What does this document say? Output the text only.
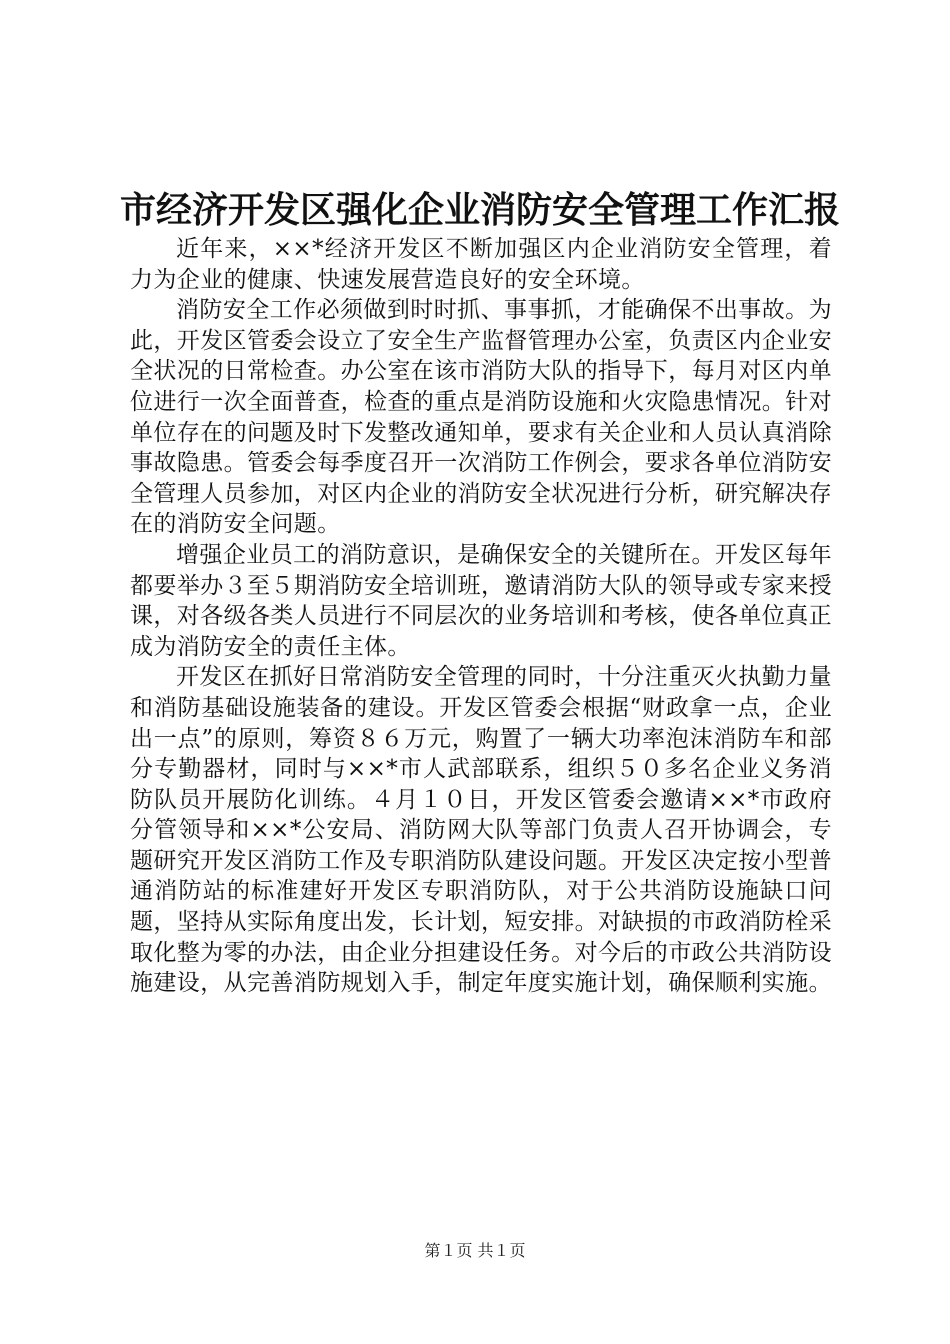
市经济开发区强化企业消防安全管理工作汇报

近年来，××*经济开发区不断加强区内企业消防安全管理，着力为企业的健康、快速发展营造良好的安全环境。

消防安全工作必须做到时时抓、事事抓，才能确保不出事故。为此，开发区管委会设立了安全生产监督管理办公室，负责区内企业安全状况的日常检查。办公室在该市消防大队的指导下，每月对区内单位进行一次全面普查，检查的重点是消防设施和火灾隐患情况。针对单位存在的问题及时下发整改通知单，要求有关企业和人员认真消除事故隐患。管委会每季度召开一次消防工作例会，要求各单位消防安全管理人员参加，对区内企业的消防安全状况进行分析，研究解决存在的消防安全问题。

增强企业员工的消防意识，是确保安全的关键所在。开发区每年都要举办３至５期消防安全培训班，邀请消防大队的领导或专家来授课，对各级各类人员进行不同层次的业务培训和考核，使各单位真正成为消防安全的责任主体。

开发区在抓好日常消防安全管理的同时，十分注重灭火执勤力量和消防基础设施装备的建设。开发区管委会根据“财政拿一点，企业出一点”的原则，筹资８６万元，购置了一辆大功率泡沫消防车和部分专勤器材，同时与××*市人武部联系，组织５０多名企业义务消防队员开展防化训练。４月１０日，开发区管委会邀请××*市政府分管领导和××*公安局、消防网大队等部门负责人召开协调会，专题研究开发区消防工作及专职消防队建设问题。开发区决定按小型普通消防站的标准建好开发区专职消防队，对于公共消防设施缺口问题，坚持从实际角度出发，长计划，短安排。对缺损的市政消防栓采取化整为零的办法，由企业分担建设任务。对今后的市政公共消防设施建设，从完善消防规划入手，制定年度实施计划，确保顺利实施。

第１页 共１页
